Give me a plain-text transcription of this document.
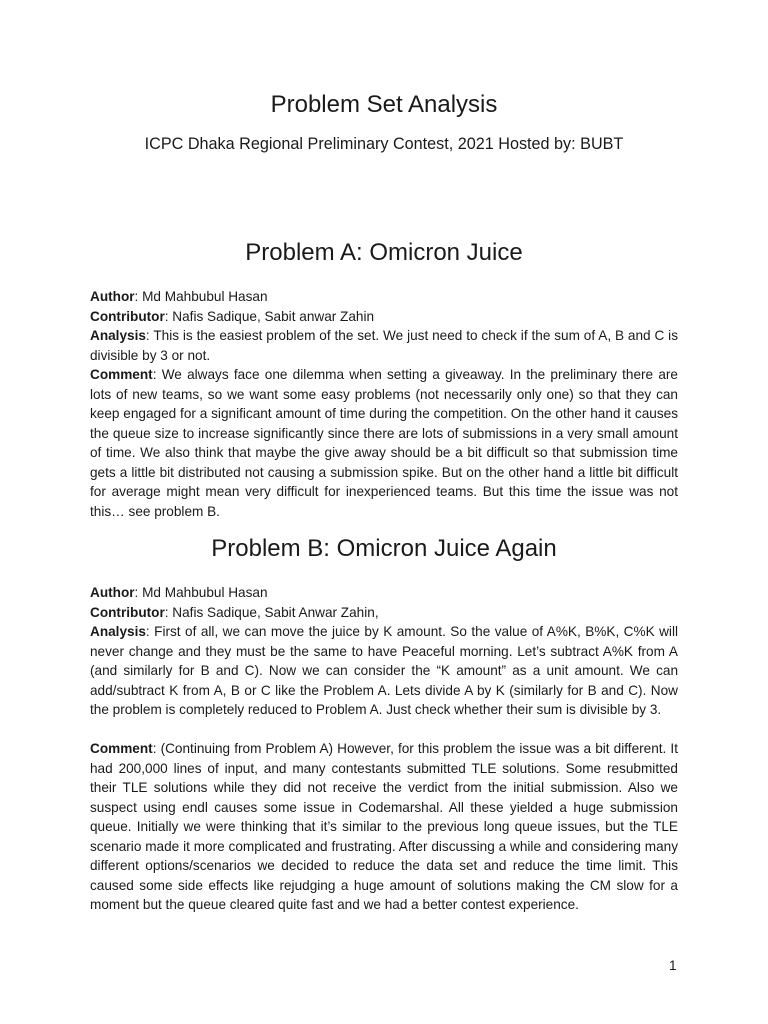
Problem Set Analysis

ICPC Dhaka Regional Preliminary Contest, 2021 Hosted by: BUBT

Problem A: Omicron Juice

Author: Md Mahbubul Hasan

Contributor: Nafis Sadique, Sabit anwar Zahin

Analysis: This is the easiest problem of the set. We just need to check if the sum of A, B and C is divisible by 3 or not.

Comment: We always face one dilemma when setting a giveaway. In the preliminary there are lots of new teams, so we want some easy problems (not necessarily only one) so that they can keep engaged for a significant amount of time during the competition. On the other hand it causes the queue size to increase significantly since there are lots of submissions in a very small amount of time. We also think that maybe the give away should be a bit difficult so that submission time gets a little bit distributed not causing a submission spike. But on the other hand a little bit difficult for average might mean very difficult for inexperienced teams. But this time the issue was not this… see problem B.

Problem B: Omicron Juice Again

Author: Md Mahbubul Hasan

Contributor: Nafis Sadique, Sabit Anwar Zahin,

Analysis: First of all, we can move the juice by K amount. So the value of A%K, B%K, C%K will never change and they must be the same to have Peaceful morning. Let’s subtract A%K from A (and similarly for B and C). Now we can consider the “K amount” as a unit amount. We can add/subtract K from A, B or C like the Problem A. Lets divide A by K (similarly for B and C). Now the problem is completely reduced to Problem A. Just check whether their sum is divisible by 3.

Comment: (Continuing from Problem A) However, for this problem the issue was a bit different. It had 200,000 lines of input, and many contestants submitted TLE solutions. Some resubmitted their TLE solutions while they did not receive the verdict from the initial submission. Also we suspect using endl causes some issue in Codemarshal. All these yielded a huge submission queue. Initially we were thinking that it’s similar to the previous long queue issues, but the TLE scenario made it more complicated and frustrating. After discussing a while and considering many different options/scenarios we decided to reduce the data set and reduce the time limit. This caused some side effects like rejudging a huge amount of solutions making the CM slow for a moment but the queue cleared quite fast and we had a better contest experience.

1
